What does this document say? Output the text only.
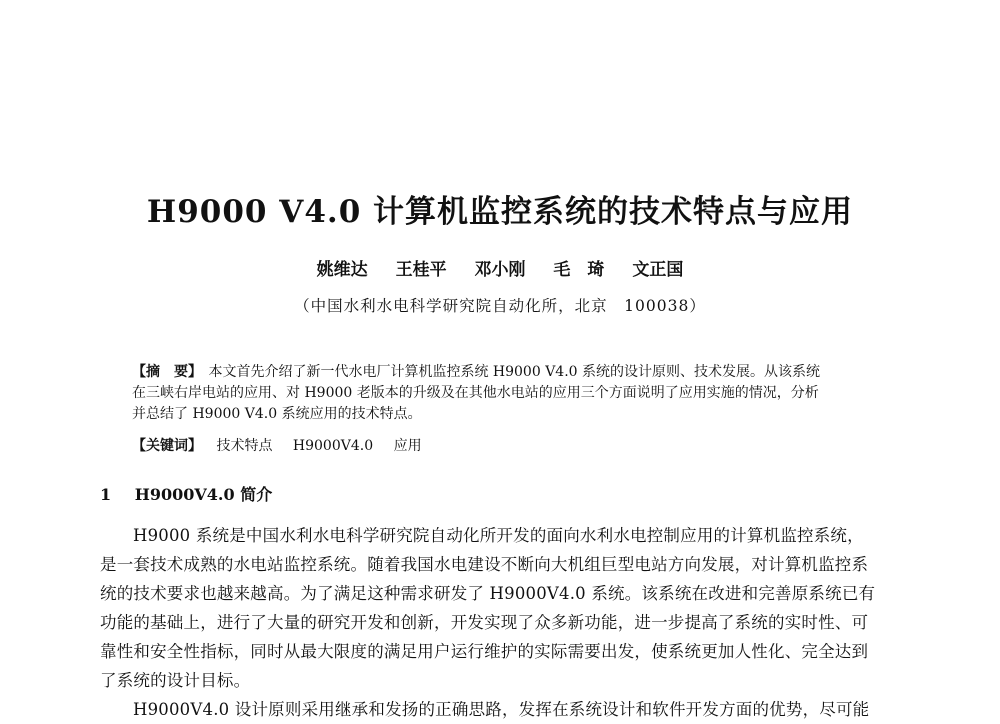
H9000 V4.0 计算机监控系统的技术特点与应用
姚维达 王桂平 邓小刚 毛　琦 文正国
（中国水利水电科学研究院自动化所，北京　100038）
【摘　要】 本文首先介绍了新一代水电厂计算机监控系统 H9000 V4.0 系统的设计原则、技术发展。从该系统
在三峡右岸电站的应用、对 H9000 老版本的升级及在其他水电站的应用三个方面说明了应用实施的情况，分析
并总结了 H9000 V4.0 系统应用的技术特点。
【关键词】 技术特点 H9000V4.0 应用
1 H9000V4.0 简介
H9000 系统是中国水利水电科学研究院自动化所开发的面向水利水电控制应用的计算机监控系统，
是一套技术成熟的水电站监控系统。随着我国水电建设不断向大机组巨型电站方向发展，对计算机监控系
统的技术要求也越来越高。为了满足这种需求研发了 H9000V4.0 系统。该系统在改进和完善原系统已有
功能的基础上，进行了大量的研究开发和创新，开发实现了众多新功能，进一步提高了系统的实时性、可
靠性和安全性指标，同时从最大限度的满足用户运行维护的实际需要出发，使系统更加人性化、完全达到
了系统的设计目标。
H9000V4.0 设计原则采用继承和发扬的正确思路，发挥在系统设计和软件开发方面的优势，尽可能
